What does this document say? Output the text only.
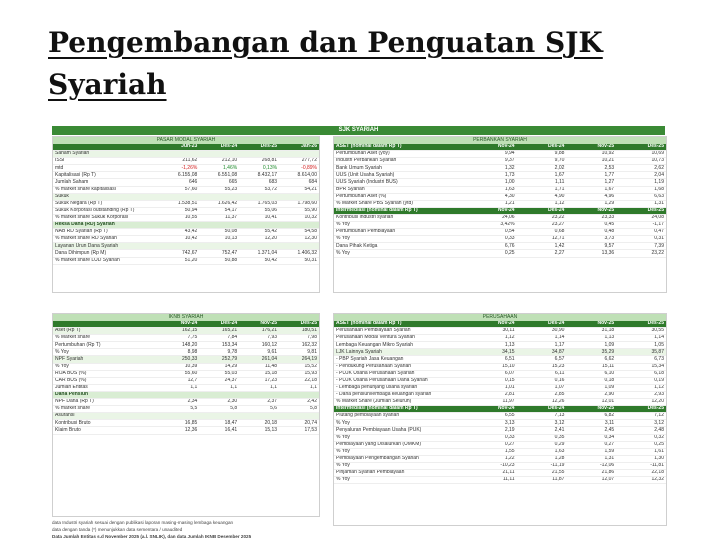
Pengembangan dan Penguatan SJK
Syariah
SJK SYARIAH
PASAR MODAL SYARIAH
	Jun-23	Des-24	Des-25	Jan-26
Saham Syariah				
ISSI	211,62	212,10	268,81	277,72
mtd	-1,26%	1,46%	0,13%	-0,89%
Kapitalisasi (Rp T)	6.155,08	6.551,08	8.432,17	8.614,00
Jumlah Saham	646	665	683	684
% market share kapitalisasi	57,60	55,23	53,72	54,21
Sukuk				
Sukuk Negara (Rp T)	1.538,51	1.626,42	1.765,03	1.798,60
Sukuk Korporasi outstanding (Rp T)	50,94	54,17	55,06	55,90
% market share Sukuk Korporasi	10,55	11,37	10,41	10,32
Reksa Dana (RD) Syariah				
NAB RD Syariah (Rp T)	43,42	50,08	55,42	54,58
% market share RD Syariah	10,42	10,13	12,20	12,30
Layanan Urun Dana Syariah				
Dana Dihimpun (Rp M)	742,67	752,47	1.371,04	1.406,32
% market share LUD Syariah	51,20	50,88	50,42	50,31
PERBANKAN SYARIAH
ASET (nominal dalam Rp T)	Nov-24	Des-24	Nov-25	Des-25
Pertumbuhan Aset (yoy)	9,94	9,88	10,92	10,69
Industri Perbankan Syariah	9,37	9,70	10,21	10,73
Bank Umum Syariah	1,32	2,02	2,53	2,62
UUS (Unit Usaha Syariah)	1,73	1,67	1,77	2,04
UUS Syariah (Industri BUS)	1,00	1,11	1,27	1,19
BPR Syariah	1,63	1,71	1,67	1,68
Pertumbuhan Aset (%)	4,30	4,90	4,96	6,63
% Market Share PBS Syariah (ytd)	1,21	1,12	1,29	1,31
Intermediasi (nominal dalam Rp T)	Nov-24	Des-24	Nov-25	Des-25
Kontribusi industri syariah	24,06	23,22	23,33	24,08
% Yoy	3,42%	23,27	0,45	-1,17
Pertumbuhan Pembiayaan	0,54	0,68	0,48	0,47
% Yoy	0,33	12,71	3,73	0,31
Dana Pihak Ketiga	6,76	1,42	9,57	7,39
% Yoy	0,25	2,27	13,36	23,22
IKNB SYARIAH
	Nov-24	Des-24	Nov-25	Des-25
Aset (Rp T)	162,15	165,21	176,21	180,51
% Market share	7,75	7,84	7,93	7,98
Pertumbuhan (Rp T)	148,20	153,34	160,12	162,32
% Yoy	8,98	9,78	9,61	9,81
NPF Syariah	250,33	252,79	261,04	264,19
% Yoy	10,39	14,29	11,48	15,52
ROA BUS (%)	55,60	55,03	15,18	15,93
CAR BUS (%)	12,7	24,37	17,23	22,18
Jumlah Entitas	1,1	1,1	1,1	1,1
Dana Pensiun				
NPF Dana (Rp T)	2,34	2,30	2,37	2,42
% market share	5,5	5,8	5,6	5,8
Asuransi				
Kontribusi Bruto	16,85	18,47	20,18	20,74
Klaim Bruto	12,36	16,41	15,13	17,53
PERUSAHAAN
ASET (nominal dalam Rp T)	Nov-24	Des-24	Nov-25	Des-25
Perusahaan Pembiayaan Syariah	30,11	30,90	31,18	30,55
Perusahaan Modal Ventura Syariah	1,12	1,14	1,13	1,14
Lembaga Keuangan Mikro Syariah	1,13	1,17	1,09	1,05
LJK Lainnya Syariah	34,15	34,87	35,29	35,87
- PBP Syariah Jasa Keuangan	6,51	6,57	6,62	6,73
- Pendukung Perusahaan Syariah	15,10	15,23	15,11	15,34
- PUJK Usaha Perusahaan Syariah	6,07	6,11	6,10	6,18
- PUJK Usaha Perusahaan Dana Syariah	0,15	0,16	0,18	0,19
- Lembaga penunjang usaha syariah	1,01	1,07	1,09	1,12
- Dana pensiun/lembaga keuangan syariah	2,81	2,85	2,90	2,93
% Market Share (Jumlah Seluruh)	11,97	12,26	12,01	12,20
Intermediasi (nominal dalam Rp T)	Nov-24	Des-24	Nov-25	Des-25
Piutang pembiayaan syariah	6,55	7,13	6,82	7,12
% Yoy	3,13	3,12	3,11	3,12
Penyaluran Pembiayaan Usaha (PUK)	2,19	2,41	2,45	2,48
% Yoy	0,33	0,35	0,34	0,32
Pembiayaan yang Disalurkan (UMKM)	0,27	0,29	0,27	0,25
% Yoy	1,55	1,63	1,59	1,61
Pembiayaan Pengembangan Syariah	1,22	1,28	1,31	1,30
% Yoy	-10,23	-11,19	-12,06	-11,81
Pinjaman Syariah Pembiayaan	21,11	21,55	21,86	22,18
% Yoy	11,11	11,87	12,07	12,32
data Industri syariah sesuai dengan publikasi laporan masing-masing lembaga keuangan
data dengan tanda (*) menunjukkan data sementara / unaudited
Data Jumlah Entitas s.d November 2025 (a.l. SNLIK), dan data Jumlah IKNB Desember 2025
